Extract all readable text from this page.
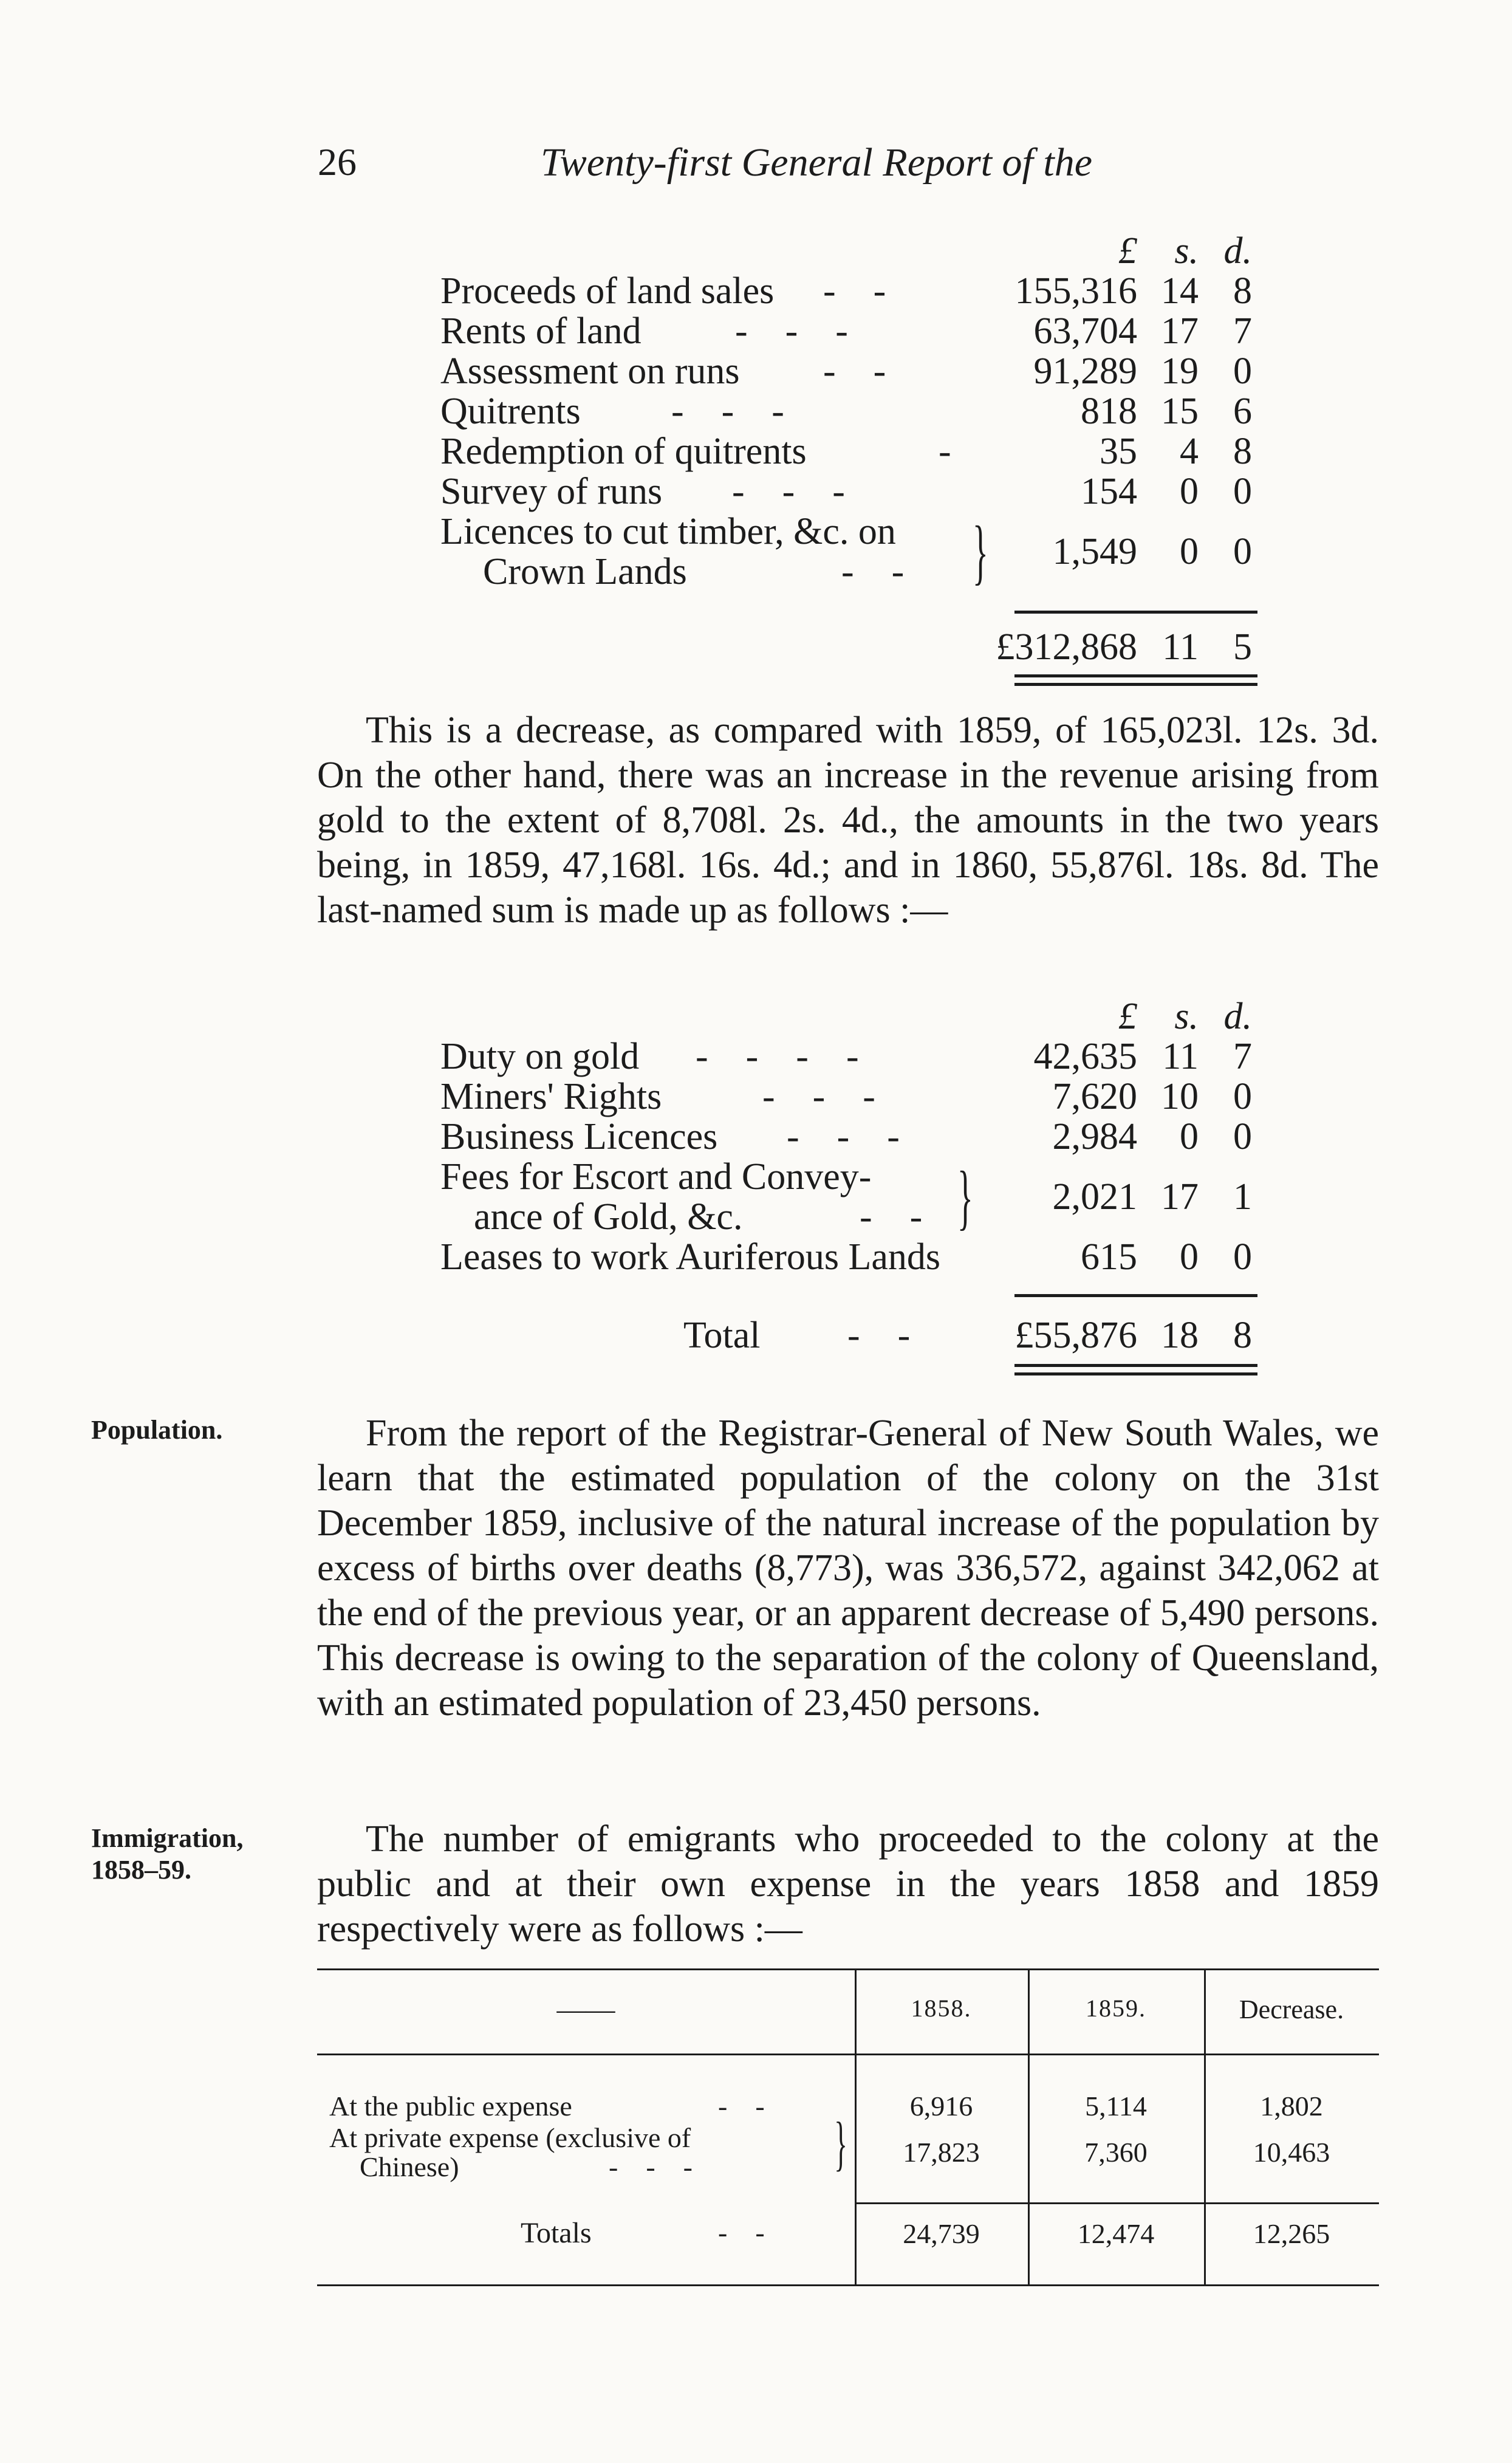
26	Twenty-first General Report of the
£ s. d.
Proceeds of land sales -    -	155,316 14 8
Rents of land -    -    -	63,704 17 7
Assessment on runs -    -	91,289 19 0
Quitrents -    -    -	818 15 6
Redemption of quitrents	-	35	4 8
Survey of runs -    -    -	154	0 0
Licences to cut timber, &c. on
Crown Lands	-    - } 1,549	0 0
£312,868 11 5

This is a decrease, as compared with 1859, of 165,023l. 12s. 3d. On the other hand, there was an increase in the revenue arising from gold to the extent of 8,708l. 2s. 4d., the amounts in the two years being, in 1859, 47,168l. 16s. 4d.; and in 1860, 55,876l. 18s. 8d. The last-named sum is made up as follows :—

£ s. d.
Duty on gold -    -    -    -	42,635 11 7
Miners' Rights	-    -    -	7,620 10 0
Business Licences -    -    -	2,984	0 0
Fees for Escort and Convey-
ance of Gold, &c.	-    - } 2,021 17 1
Leases to work Auriferous Lands	615	0 0
Total -    -	£55,876 18 8
Population.
Immigration,
1858–59.

From the report of the Registrar-General of New South Wales, we learn that the estimated population of the colony on the 31st December 1859, inclusive of the natural increase of the population by excess of births over deaths (8,773), was 336,572, against 342,062 at the end of the previous year, or an apparent decrease of 5,490 persons. This decrease is owing to the separation of the colony of Queensland, with an estimated population of 23,450 persons.

The number of emigrants who proceeded to the colony at the public and at their own expense in the years 1858 and 1859 respectively were as follows :—

——	1858.	1859.	Decrease.
At the public expense	-    -	6,916	5,114	1,802
At private expense (exclusive of
Chinese)	-    -    - }	17,823	7,360	10,463
Totals	-    -	24,739	12,474	12,265
